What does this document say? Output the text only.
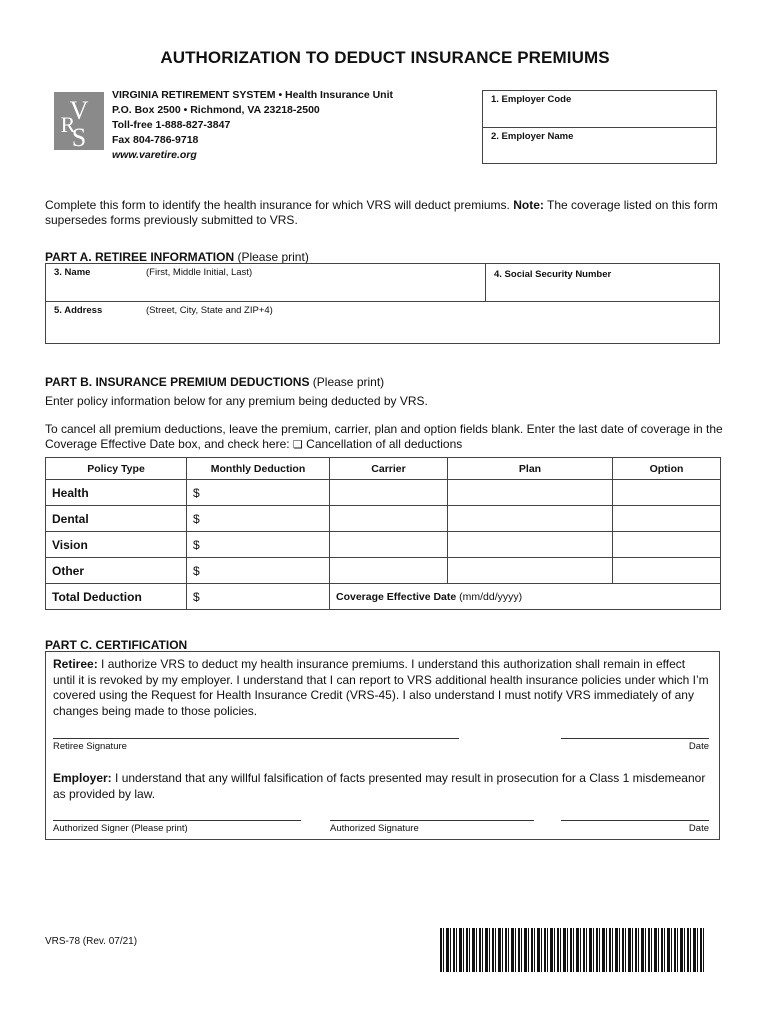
AUTHORIZATION TO DEDUCT INSURANCE PREMIUMS
V
S
R
VIRGINIA RETIREMENT SYSTEM • Health Insurance Unit
P.O. Box 2500 • Richmond, VA 23218-2500
Toll-free 1-888-827-3847
Fax 804-786-9718
www.varetire.org
1. Employer Code
2. Employer Name
Complete this form to identify the health insurance for which VRS will deduct premiums. Note: The coverage listed on this form supersedes forms previously submitted to VRS.
PART A. RETIREE INFORMATION (Please print)
3. Name	(First, Middle Initial, Last)	4. Social Security Number
5. Address	(Street, City, State and ZIP+4)
PART B. INSURANCE PREMIUM DEDUCTIONS (Please print)
Enter policy information below for any premium being deducted by VRS.
To cancel all premium deductions, leave the premium, carrier, plan and option fields blank. Enter the last date of coverage in the Coverage Effective Date box, and check here: ❏ Cancellation of all deductions
Policy Type	Monthly Deduction	Carrier	Plan	Option
Health	$			
Dental	$			
Vision	$			
Other	$			
Total Deduction	$	Coverage Effective Date (mm/dd/yyyy)		
PART C. CERTIFICATION
Retiree: I authorize VRS to deduct my health insurance premiums. I understand this authorization shall remain in effect until it is revoked by my employer. I understand that I can report to VRS additional health insurance policies under which I’m covered using the Request for Health Insurance Credit (VRS-45). I also understand I must notify VRS immediately of any changes being made to those policies.
Retiree Signature	Date
Employer: I understand that any willful falsification of facts presented may result in prosecution for a Class 1 misdemeanor as provided by law.
Authorized Signer (Please print)	Authorized Signature	Date
VRS-78 (Rev. 07/21)
